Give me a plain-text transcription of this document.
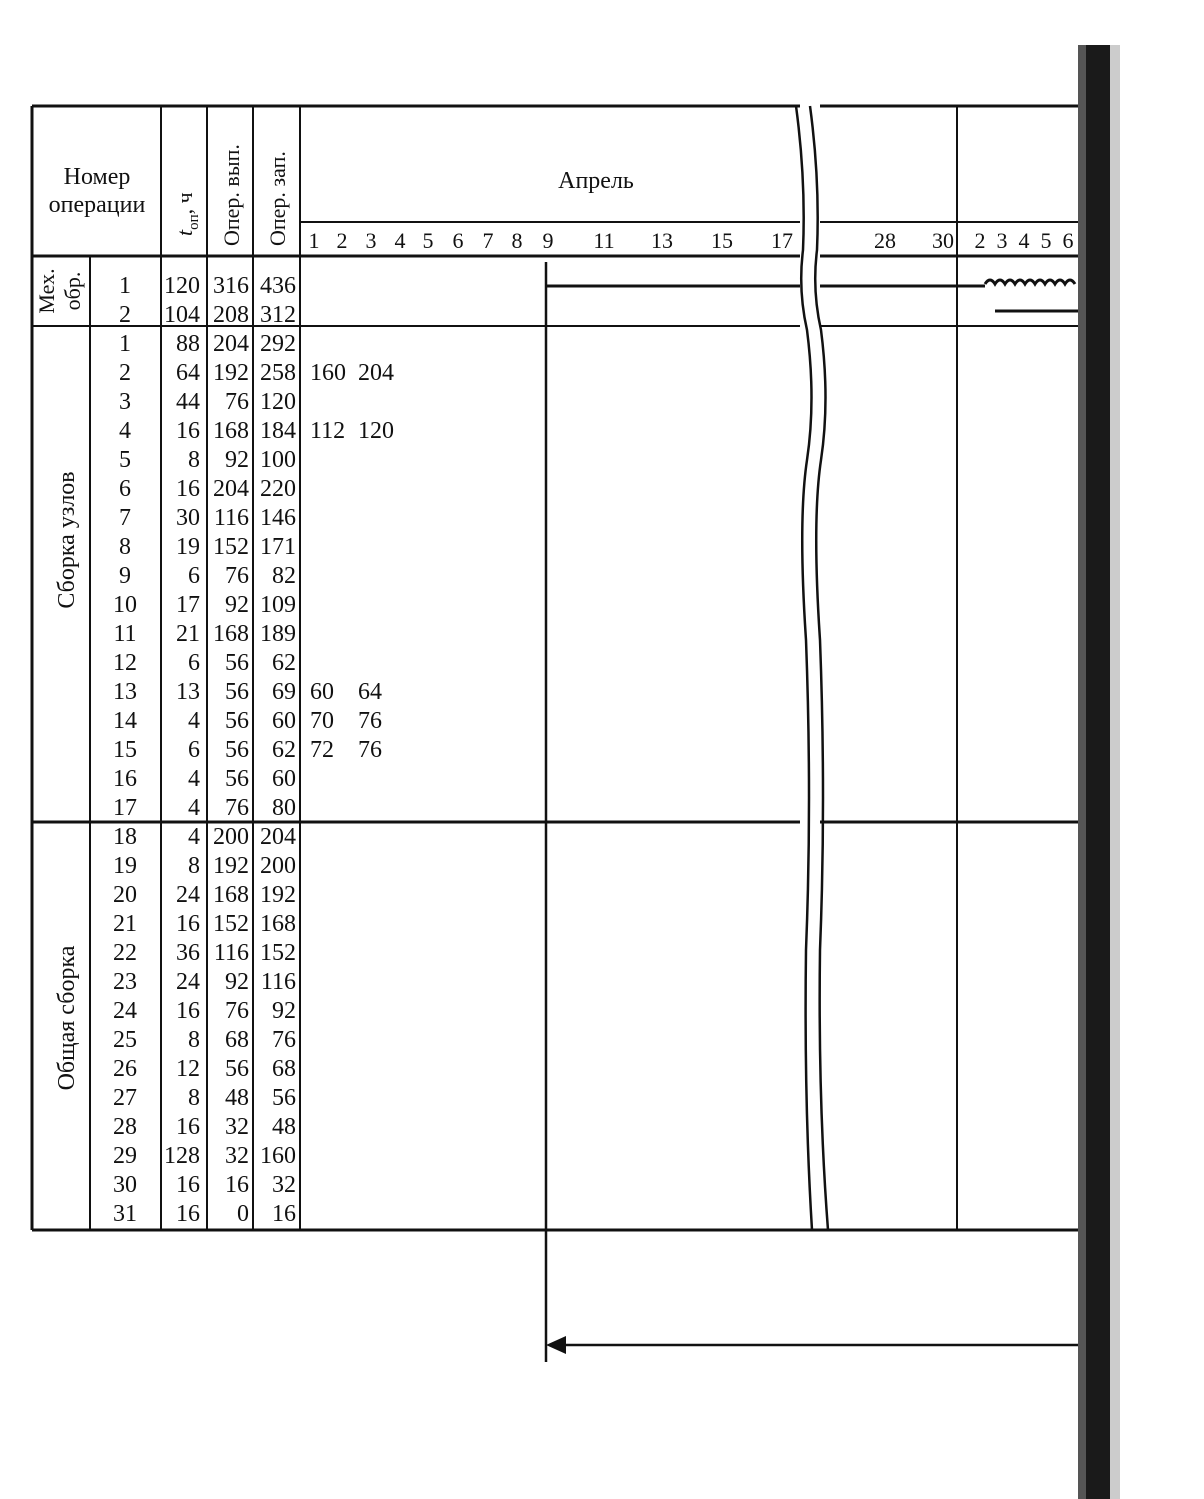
Номер
операции
$t_{оп}$, ч Опер. вып. Опер. зап.	Апрель
1 2 3 4 5 6 7 8 9 11 13 15 17	28 30 2 3 4 5 6
Мех. обр.
Сборка узлов
Общая сборка
1 120 316 436
2 104 208 312
1 88 204 292
2 64 192 258
3 44 76 120
4 16 168 184
5 8 92 100
6 16 204 220
7 30 116 146
8 19 152 171
9 6 76 82
10 17 92 109
11 21 168 189
12 6 56 62
13 13 56 69
14 4 56 60
15 6 56 62
16 4 56 60
17 4 76 80
18 4 200 204
19 8 192 200
20 24 168 192
21 16 152 168
22 36 116 152
23 24 92 116
24 16 76 92
25 8 68 76
26 12 56 68
27 8 48 56
28 16 32 48
29 128 32 160
30 16 16 32
31 16 0 16
160 204
112 120
60 64
70 76
72 76
